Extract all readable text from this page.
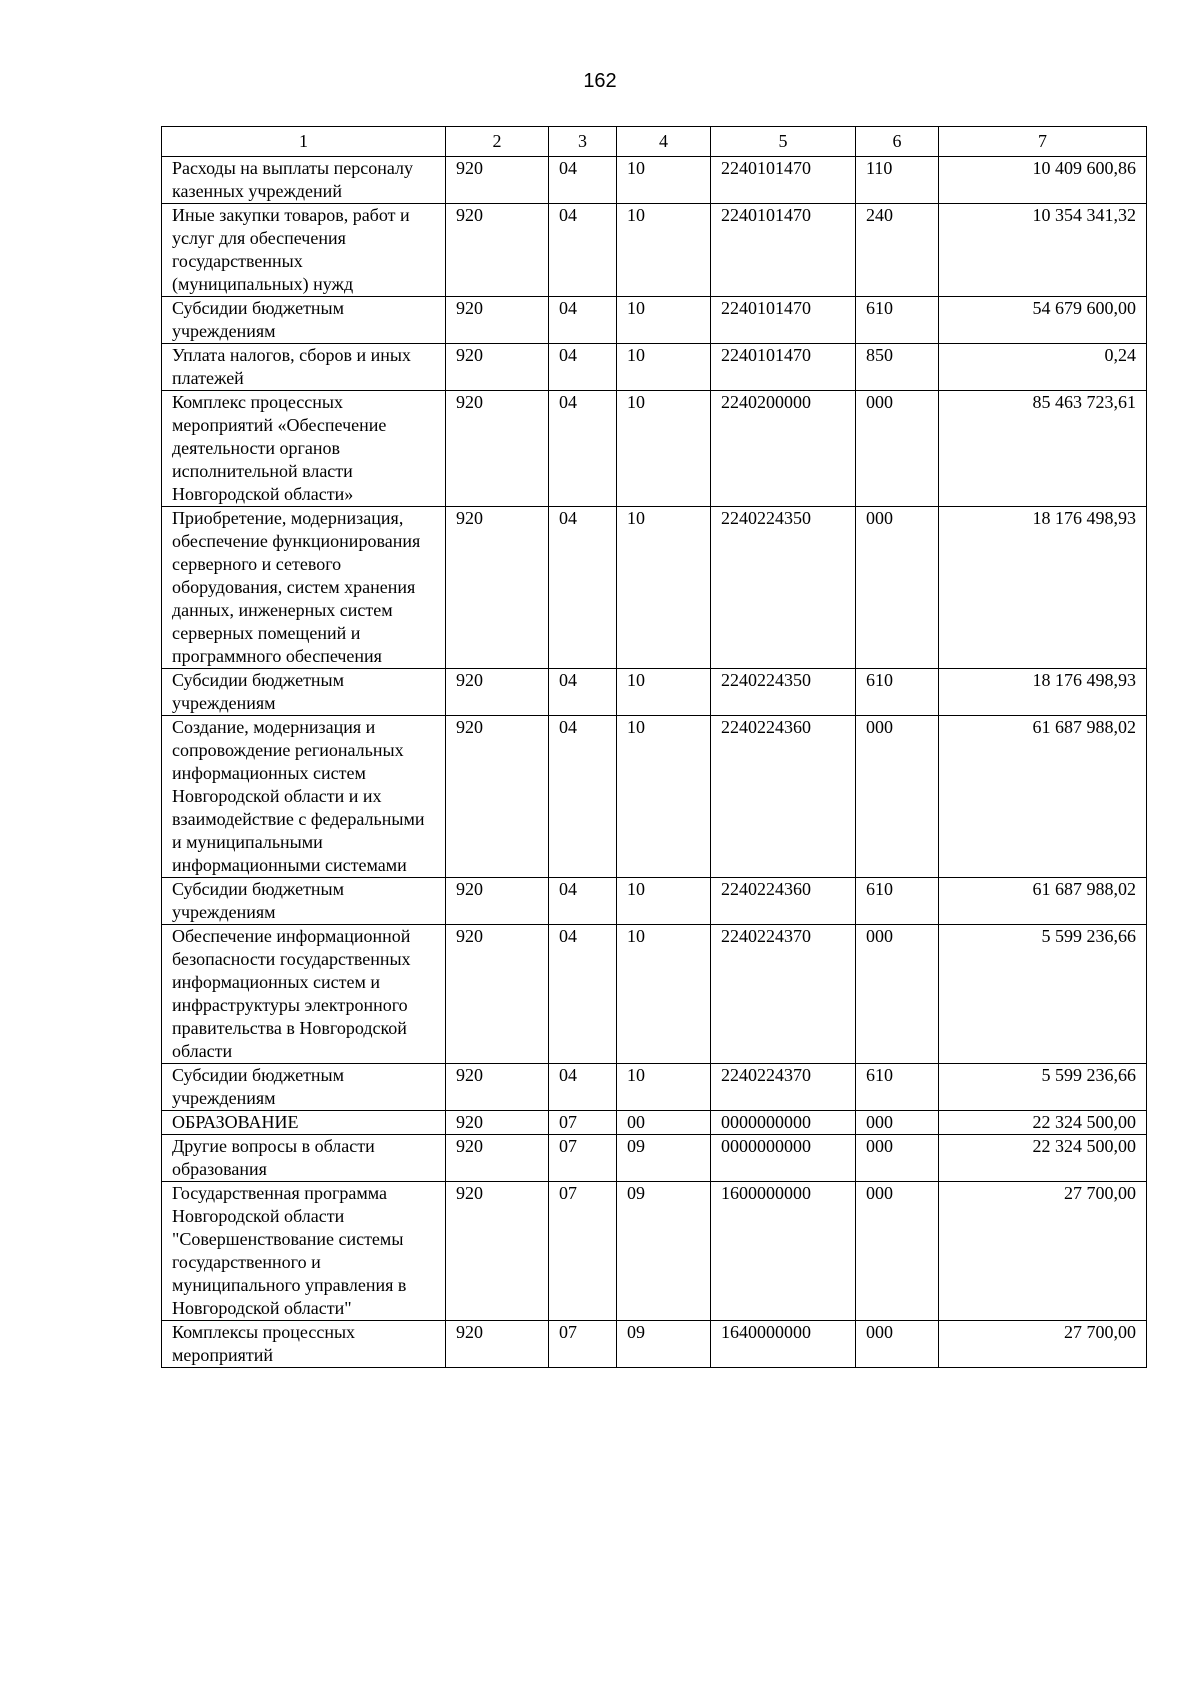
162
1	2	3	4	5	6	7
Расходы на выплаты персоналу казенных учреждений	920	04	10	2240101470	110	10 409 600,86
Иные закупки товаров, работ и услуг для обеспечения государственных (муниципальных) нужд	920	04	10	2240101470	240	10 354 341,32
Субсидии бюджетным учреждениям	920	04	10	2240101470	610	54 679 600,00
Уплата налогов, сборов и иных платежей	920	04	10	2240101470	850	0,24
Комплекс процессных мероприятий «Обеспечение деятельности органов исполнительной власти Новгородской области»	920	04	10	2240200000	000	85 463 723,61
Приобретение, модернизация, обеспечение функционирования серверного и сетевого оборудования, систем хранения данных, инженерных систем серверных помещений и программного обеспечения	920	04	10	2240224350	000	18 176 498,93
Субсидии бюджетным учреждениям	920	04	10	2240224350	610	18 176 498,93
Создание, модернизация и сопровождение региональных информационных систем Новгородской области и их взаимодействие с федеральными и муниципальными информационными системами	920	04	10	2240224360	000	61 687 988,02
Субсидии бюджетным учреждениям	920	04	10	2240224360	610	61 687 988,02
Обеспечение информационной безопасности государственных информационных систем и инфраструктуры электронного правительства в Новгородской области	920	04	10	2240224370	000	5 599 236,66
Субсидии бюджетным учреждениям	920	04	10	2240224370	610	5 599 236,66
ОБРАЗОВАНИЕ	920	07	00	0000000000	000	22 324 500,00
Другие вопросы в области образования	920	07	09	0000000000	000	22 324 500,00
Государственная программа Новгородской области "Совершенствование системы государственного и муниципального управления в Новгородской области"	920	07	09	1600000000	000	27 700,00
Комплексы процессных мероприятий	920	07	09	1640000000	000	27 700,00
